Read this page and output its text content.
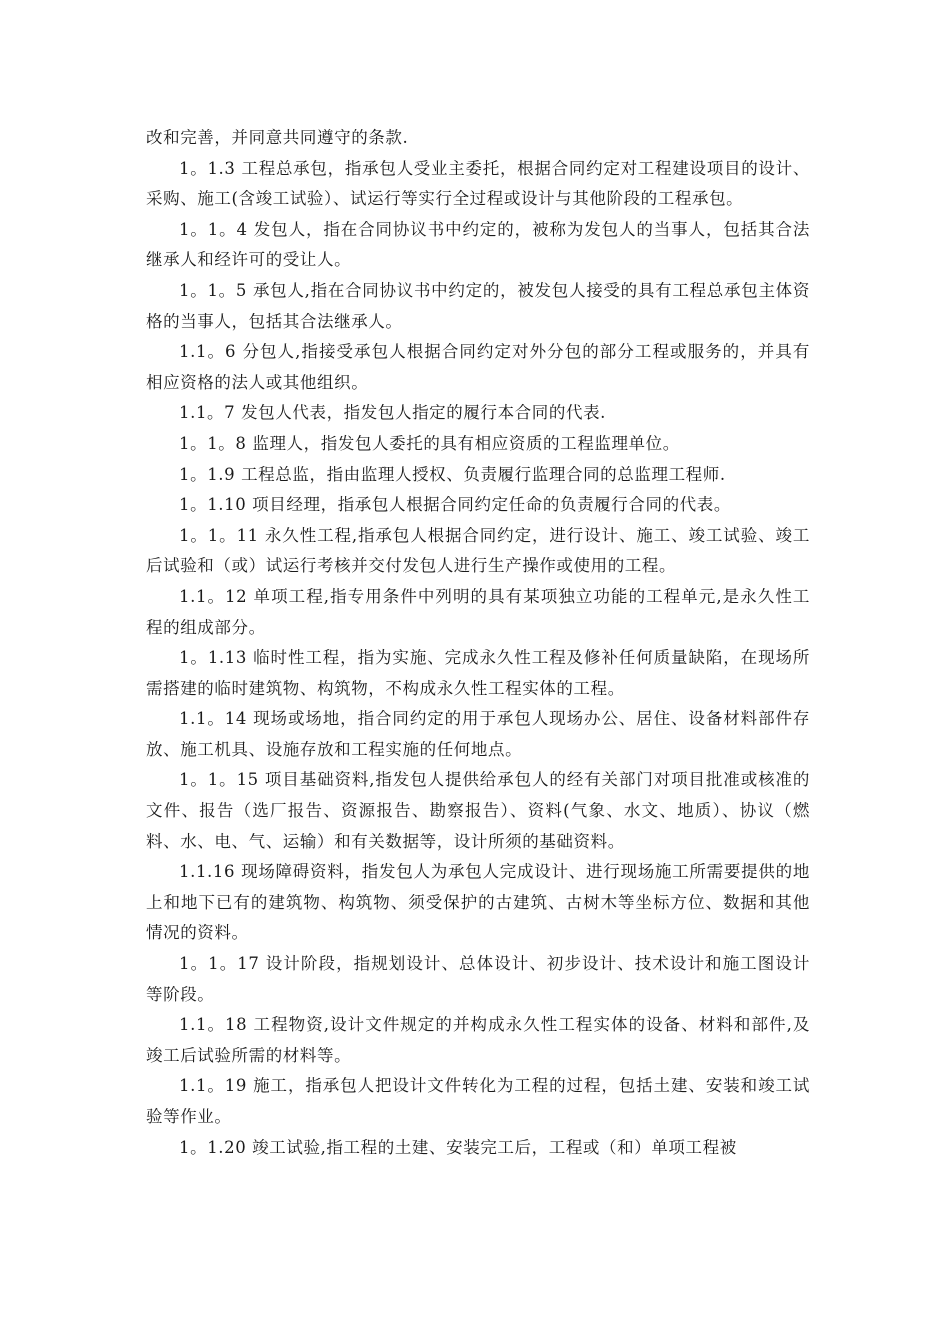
改和完善，并同意共同遵守的条款.

1。1.3 工程总承包，指承包人受业主委托，根据合同约定对工程建设项目的设计、采购、施工(含竣工试验）、试运行等实行全过程或设计与其他阶段的工程承包。

1。1。4 发包人，指在合同协议书中约定的，被称为发包人的当事人，包括其合法继承人和经许可的受让人。

1。1。5 承包人,指在合同协议书中约定的，被发包人接受的具有工程总承包主体资格的当事人，包括其合法继承人。

1.1。6 分包人,指接受承包人根据合同约定对外分包的部分工程或服务的，并具有相应资格的法人或其他组织。

1.1。7 发包人代表，指发包人指定的履行本合同的代表.

1。1。8 监理人，指发包人委托的具有相应资质的工程监理单位。

1。1.9 工程总监，指由监理人授权、负责履行监理合同的总监理工程师.

1。1.10 项目经理，指承包人根据合同约定任命的负责履行合同的代表。

1。1。11 永久性工程,指承包人根据合同约定，进行设计、施工、竣工试验、竣工后试验和（或）试运行考核并交付发包人进行生产操作或使用的工程。

1.1。12 单项工程,指专用条件中列明的具有某项独立功能的工程单元,是永久性工程的组成部分。

1。1.13 临时性工程，指为实施、完成永久性工程及修补任何质量缺陷，在现场所需搭建的临时建筑物、构筑物，不构成永久性工程实体的工程。

1.1。14 现场或场地，指合同约定的用于承包人现场办公、居住、设备材料部件存放、施工机具、设施存放和工程实施的任何地点。

1。1。15 项目基础资料,指发包人提供给承包人的经有关部门对项目批准或核准的文件、报告（选厂报告、资源报告、勘察报告）、资料(气象、水文、地质）、协议（燃料、水、电、气、运输）和有关数据等，设计所须的基础资料。

1.1.16 现场障碍资料，指发包人为承包人完成设计、进行现场施工所需要提供的地上和地下已有的建筑物、构筑物、须受保护的古建筑、古树木等坐标方位、数据和其他情况的资料。

1。1。17 设计阶段，指规划设计、总体设计、初步设计、技术设计和施工图设计等阶段。

1.1。18 工程物资,设计文件规定的并构成永久性工程实体的设备、材料和部件,及竣工后试验所需的材料等。

1.1。19 施工，指承包人把设计文件转化为工程的过程，包括土建、安装和竣工试验等作业。

1。1.20 竣工试验,指工程的土建、安装完工后，工程或（和）单项工程被
